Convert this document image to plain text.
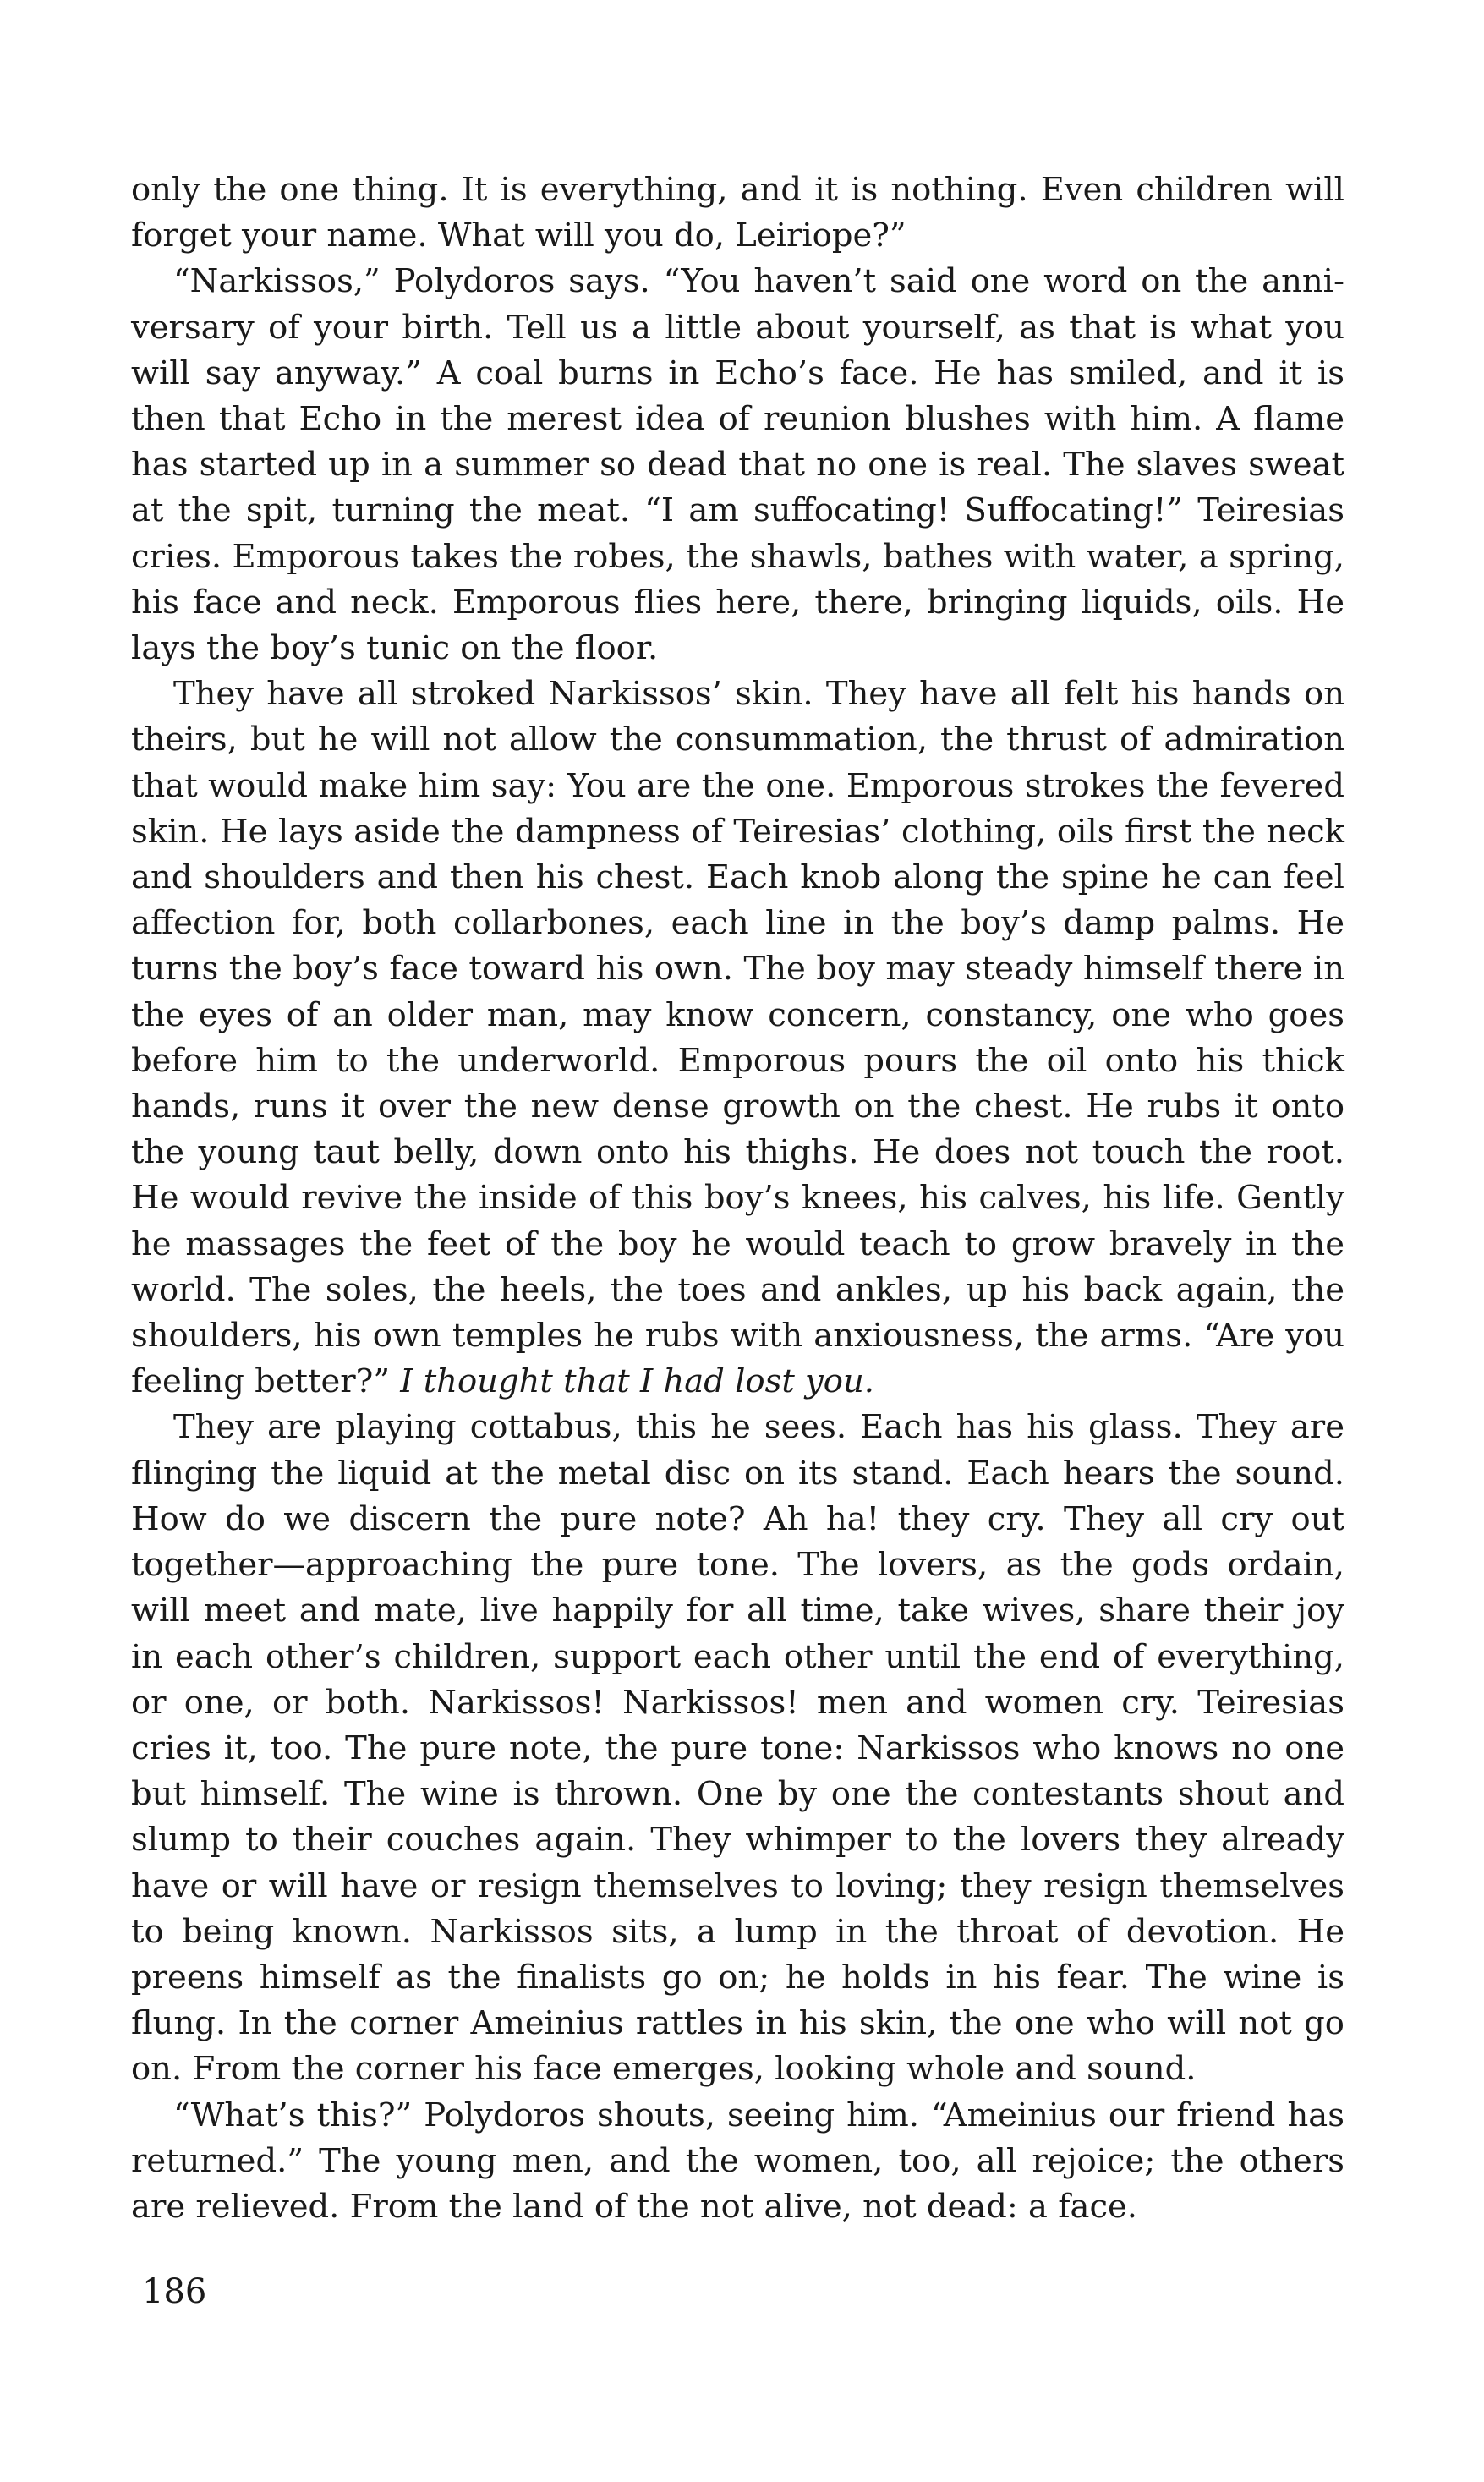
only the one thing. It is everything, and it is nothing. Even children will forget your name. What will you do, Leiriope?”

“Narkissos,” Polydoros says. “You haven’t said one word on the anniversary of your birth. Tell us a little about yourself, as that is what you will say anyway.” A coal burns in Echo’s face. He has smiled, and it is then that Echo in the merest idea of reunion blushes with him. A flame has started up in a summer so dead that no one is real. The slaves sweat at the spit, turning the meat. “I am suffocating! Suffocating!” Teiresias cries. Emporous takes the robes, the shawls, bathes with water, a spring, his face and neck. Emporous flies here, there, bringing liquids, oils. He lays the boy’s tunic on the floor.

They have all stroked Narkissos’ skin. They have all felt his hands on theirs, but he will not allow the consummation, the thrust of admiration that would make him say: You are the one. Emporous strokes the fevered skin. He lays aside the dampness of Teiresias’ clothing, oils first the neck and shoulders and then his chest. Each knob along the spine he can feel affection for, both collarbones, each line in the boy’s damp palms. He turns the boy’s face toward his own. The boy may steady himself there in the eyes of an older man, may know concern, constancy, one who goes before him to the underworld. Emporous pours the oil onto his thick hands, runs it over the new dense growth on the chest. He rubs it onto the young taut belly, down onto his thighs. He does not touch the root. He would revive the inside of this boy’s knees, his calves, his life. Gently he massages the feet of the boy he would teach to grow bravely in the world. The soles, the heels, the toes and ankles, up his back again, the shoulders, his own temples he rubs with anxiousness, the arms. “Are you feeling better?” I thought that I had lost you.

They are playing cottabus, this he sees. Each has his glass. They are flinging the liquid at the metal disc on its stand. Each hears the sound. How do we discern the pure note? Ah ha! they cry. They all cry out together—approaching the pure tone. The lovers, as the gods ordain, will meet and mate, live happily for all time, take wives, share their joy in each other’s children, support each other until the end of everything, or one, or both. Narkissos! Narkissos! men and women cry. Teiresias cries it, too. The pure note, the pure tone: Narkissos who knows no one but himself. The wine is thrown. One by one the contestants shout and slump to their couches again. They whimper to the lovers they already have or will have or resign themselves to loving; they resign themselves to being known. Narkissos sits, a lump in the throat of devotion. He preens himself as the finalists go on; he holds in his fear. The wine is flung. In the corner Ameinius rattles in his skin, the one who will not go on. From the corner his face emerges, looking whole and sound.

“What’s this?” Polydoros shouts, seeing him. “Ameinius our friend has returned.” The young men, and the women, too, all rejoice; the others are relieved. From the land of the not alive, not dead: a face.

186
